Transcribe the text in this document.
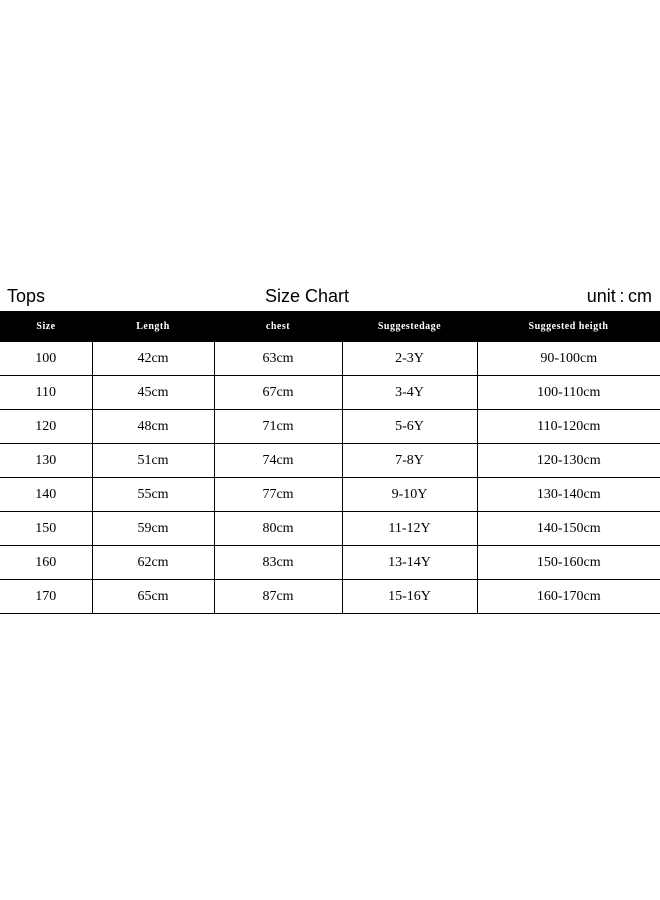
Tops	Size Chart	unit : cm
Size	Length	chest	Suggestedage	Suggested heigth
100	42cm	63cm	2-3Y	90-100cm
110	45cm	67cm	3-4Y	100-110cm
120	48cm	71cm	5-6Y	110-120cm
130	51cm	74cm	7-8Y	120-130cm
140	55cm	77cm	9-10Y	130-140cm
150	59cm	80cm	11-12Y	140-150cm
160	62cm	83cm	13-14Y	150-160cm
170	65cm	87cm	15-16Y	160-170cm
